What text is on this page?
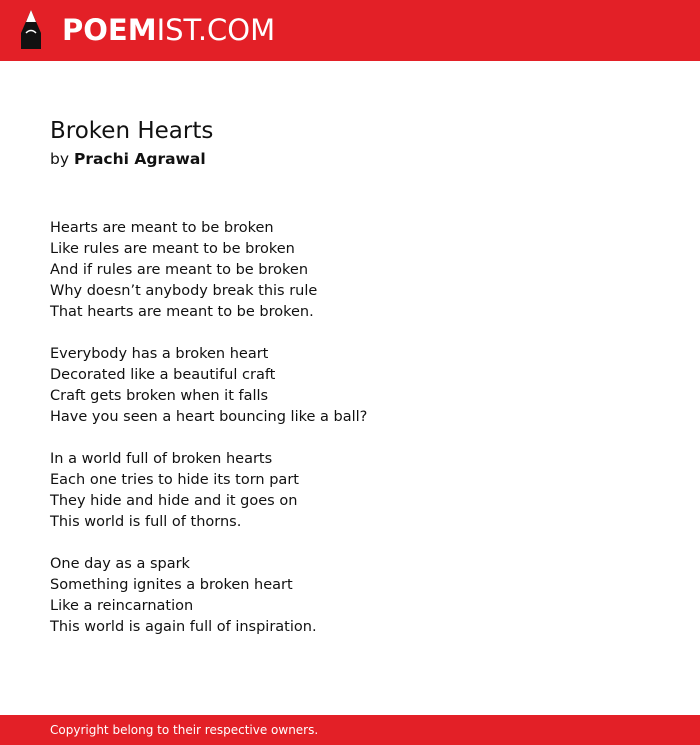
POEMIST.COM
Broken Hearts
by Prachi Agrawal
Hearts are meant to be broken
Like rules are meant to be broken
And if rules are meant to be broken
Why doesn’t anybody break this rule
That hearts are meant to be broken.
Everybody has a broken heart
Decorated like a beautiful craft
Craft gets broken when it falls
Have you seen a heart bouncing like a ball?
In a world full of broken hearts
Each one tries to hide its torn part
They hide and hide and it goes on
This world is full of thorns.
One day as a spark
Something ignites a broken heart
Like a reincarnation
This world is again full of inspiration.
Copyright belong to their respective owners.
